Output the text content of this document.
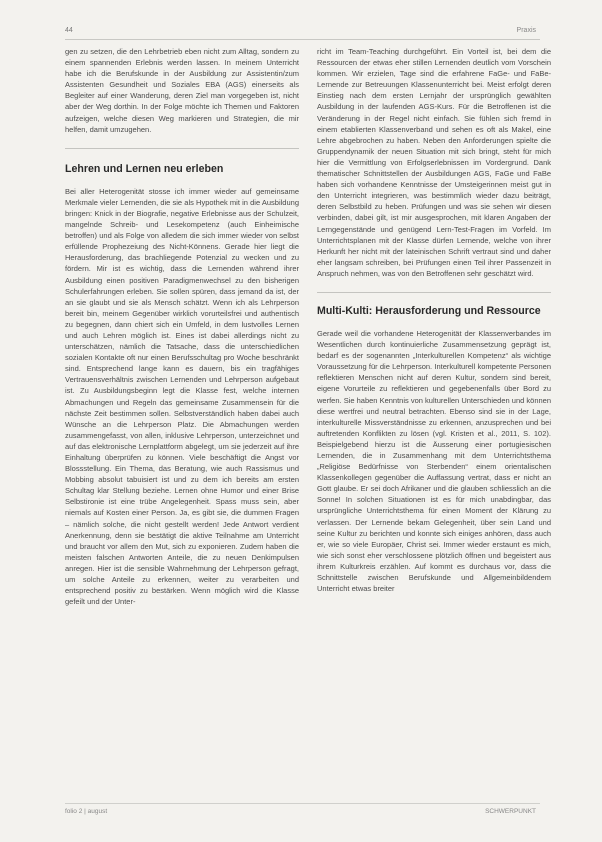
44	Praxis

gen zu setzen, die den Lehrbetrieb eben nicht zum Alltag, sondern zu einem spannenden Erlebnis werden lassen. In meinem Unterricht habe ich die Berufskunde in der Ausbildung zur Assistentin/zum Assistenten Gesundheit und Soziales EBA (AGS) einerseits als Begleiter auf einer Wanderung, deren Ziel man vorgegeben ist, nicht aber der Weg dorthin. In der Folge möchte ich Themen und Faktoren aufzeigen, welche diesen Weg markieren und Strategien, die mir helfen, damit umzugehen.

Lehren und Lernen neu erleben

Bei aller Heterogenität stosse ich immer wieder auf gemeinsame Merkmale vieler Lernenden, die sie als Hypothek mit in die Ausbildung bringen: Knick in der Biografie, negative Erlebnisse aus der Schulzeit, mangelnde Schreib- und Lesekompetenz (auch Einheimische betroffen) und als Folge von alledem die sich immer wieder von selbst erfüllende Prophezeiung des Nicht-Könnens. Gerade hier liegt die Herausforderung, das brachliegende Potenzial zu wecken und zu fördern. Mir ist es wichtig, dass die Lernenden während ihrer Ausbildung einen positiven Paradigmenwechsel zu den bisherigen Schulerfahrungen erleben. Sie sollen spüren, dass jemand da ist, der an sie glaubt und sie als Mensch schätzt. Wenn ich als Lehrperson bereit bin, meinem Gegenüber wirklich vorurteilsfrei und authentisch zu begegnen, dann chiert sich ein Umfeld, in dem lustvolles Lernen und auch Lehren möglich ist. Eines ist dabei allerdings nicht zu unterschätzen, nämlich die Tatsache, dass die unterschiedlichen sozialen Kontakte oft nur einen Berufsschultag pro Woche beschränkt sind. Entsprechend lange kann es dauern, bis ein tragfähiges Vertrauensverhältnis zwischen Lernenden und Lehrperson aufgebaut ist. Zu Ausbildungsbeginn legt die Klasse fest, welche internen Abmachungen und Regeln das gemeinsame Zusammensein für die nächste Zeit bestimmen sollen. Selbstverständlich haben dabei auch Wünsche an die Lehrperson Platz. Die Abmachungen werden zusammengefasst, von allen, inklusive Lehrperson, unterzeichnet und auf das elektronische Lernplattform abgelegt, um sie jederzeit auf ihre Einhaltung überprüfen zu können. Viele beschäftigt die Angst vor Blossstellung. Ein Thema, das Beratung, wie auch Rassismus und Mobbing absolut tabuisiert ist und zu dem ich bereits am ersten Schultag klar Stellung beziehe. Lernen ohne Humor und einer Brise Selbstironie ist eine trübe Angelegenheit. Spass muss sein, aber niemals auf Kosten einer Person. Ja, es gibt sie, die dummen Fragen – nämlich solche, die nicht gestellt werden! Jede Antwort verdient Anerkennung, denn sie bestätigt die aktive Teilnahme am Unterricht und braucht vor allem den Mut, sich zu exponieren. Zudem haben die meisten falschen Antworten Anteile, die zu neuen Denkimpulsen anregen. Hier ist die sensible Wahrnehmung der Lehrperson gefragt, um solche Anteile zu erkennen, weiter zu verarbeiten und entsprechend positiv zu bestärken. Wenn möglich wird die Klasse gefeilt und der Unter-

richt im Team-Teaching durchgeführt. Ein Vorteil ist, bei dem die Ressourcen der etwas eher stillen Lernenden deutlich vom Vorschein kommen. Wir erzielen, Tage sind die erfahrene FaGe- und FaBe-Lernende zur Betreuungen Klassenunterricht bei. Meist erfolgt deren Einstieg nach dem ersten Lernjahr der ursprünglich gewählten Ausbildung in der laufenden AGS-Kurs. Für die Betroffenen ist die Veränderung in der Regel nicht einfach. Sie fühlen sich fremd in einem etablierten Klassenverband und sehen es oft als Makel, eine Lehre abgebrochen zu haben. Neben den Anforderungen spielte die Gruppendynamik der neuen Situation mit sich bringt, steht für mich hier die Vermittlung von Erfolgserlebnissen im Vordergrund. Dank thematischer Schnittstellen der Ausbildungen AGS, FaGe und FaBe haben sich vorhandene Kenntnisse der Umsteigerinnen meist gut in den Unterricht integrieren, was bestimmlich wieder dazu beiträgt, deren Selbstbild zu heben. Prüfungen und was sie sehen wir diesen verbinden, dabei gilt, ist mir ausgesprochen, mit klaren Angaben der Lerngegenstände und genügend Lern-Test-Fragen im Vorfeld. Im Unterrichtsplanen mit der Klasse dürfen Lernende, welche von ihrer Herkunft her nicht mit der lateinischen Schrift vertraut sind und daher eher langsam schreiben, bei Prüfungen einen Teil ihrer Passenzeit in Anspruch nehmen, was von den Betroffenen sehr geschätzt wird.

Multi-Kulti: Herausforderung und Ressource

Gerade weil die vorhandene Heterogenität der Klassenverbandes im Wesentlichen durch kontinuierliche Zusammensetzung geprägt ist, bedarf es der sogenannten „Interkulturellen Kompetenz“ als wichtige Voraussetzung für die Lehrperson. Interkulturell kompetente Personen reflektieren Menschen nicht auf deren Kultur, sondern sind bereit, eigene Vorurteile zu reflektieren und gegebenenfalls über Bord zu werfen. Sie haben Kenntnis von kulturellen Unterschieden und können diese wertfrei und neutral betrachten. Ebenso sind sie in der Lage, interkulturelle Missverständnisse zu erkennen, anzusprechen und bei auftretenden Konflikten zu lösen (vgl. Kristen et al., 2011, S. 102). Beispielgebend hierzu ist die Äusserung einer portugiesischen Lernenden, die in Zusammenhang mit dem Unterrichtsthema „Religiöse Bedürfnisse von Sterbenden“ einem orientalischen Klassenkollegen gegenüber die Auffassung vertrat, dass er nicht an Gott glaube. Er sei doch Afrikaner und die glauben schliesslich an die Sonne! In solchen Situationen ist es für mich unabdingbar, das ursprüngliche Unterrichtsthema für einen Moment der Klärung zu verlassen. Der Lernende bekam Gelegenheit, über sein Land und seine Kultur zu berichten und konnte sich einiges anhören, dass auch er, wie so viele Europäer, Christ sei. Immer wieder erstaunt es mich, wie sich sonst eher verschlossene plötzlich öffnen und begeistert aus ihrem Kulturkreis erzählen. Auf kommt es durchaus vor, dass die Schnittstelle zwischen Berufskunde und Allgemeinbildendem Unterricht etwas breiter

folio 2 | august	SCHWERPUNKT
